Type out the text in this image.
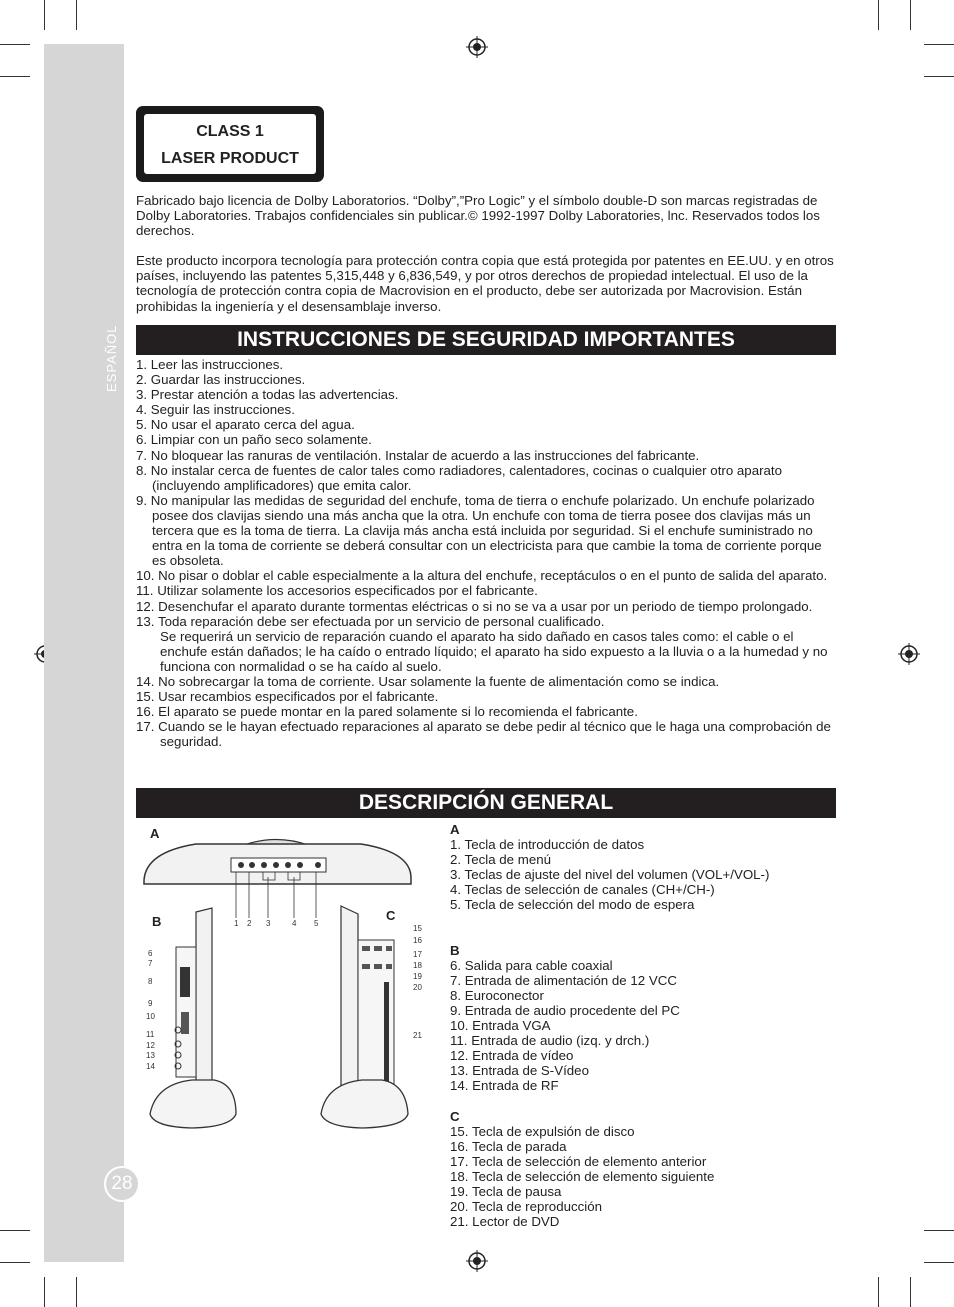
ESPAÑOL
28
CLASS 1
LASER PRODUCT

Fabricado bajo licencia de Dolby Laboratorios. “Dolby”,”Pro Logic” y el símbolo double-D son marcas registradas de Dolby Laboratories. Trabajos confidenciales sin publicar.© 1992-1997 Dolby Laboratories, lnc. Reservados todos los derechos.

Este producto incorpora tecnología para protección contra copia que está protegida por patentes en EE.UU. y en otros países, incluyendo las patentes 5,315,448 y 6,836,549, y por otros derechos de propiedad intelectual. El uso de la tecnología de protección contra copia de Macrovision en el producto, debe ser autorizada por Macrovision. Están prohibidas la ingeniería y el desensamblaje inverso.

INSTRUCCIONES DE SEGURIDAD IMPORTANTES
1. Leer las instrucciones.
2. Guardar las instrucciones.
3. Prestar atención a todas las advertencias.
4. Seguir las instrucciones.
5. No usar el aparato cerca del agua.
6. Limpiar con un paño seco solamente.
7. No bloquear las ranuras de ventilación. Instalar de acuerdo a las instrucciones del fabricante.
8. No instalar cerca de fuentes de calor tales como radiadores, calentadores, cocinas o cualquier otro aparato (incluyendo amplificadores) que emita calor.
9. No manipular las medidas de seguridad del enchufe, toma de tierra o enchufe polarizado. Un enchufe polarizado posee dos clavijas siendo una más ancha que la otra. Un enchufe con toma de tierra posee dos clavijas más un tercera que es la toma de tierra. La clavija más ancha está incluida por seguridad. Si el enchufe suministrado no entra en la toma de corriente se deberá consultar con un electricista para que cambie la toma de corriente porque es obsoleta.
10. No pisar o doblar el cable especialmente a la altura del enchufe, receptáculos o en el punto de salida del aparato.
11. Utilizar solamente los accesorios especificados por el fabricante.
12. Desenchufar el aparato durante tormentas eléctricas o si no se va a usar por un periodo de tiempo prolongado.
13. Toda reparación debe ser efectuada por un servicio de personal cualificado.
Se requerirá un servicio de reparación cuando el aparato ha sido dañado en casos tales como: el cable o el enchufe están dañados; le ha caído o entrado líquido; el aparato ha sido expuesto a la lluvia o a la humedad y no funciona con normalidad o se ha caído al suelo.
14. No sobrecargar la toma de corriente. Usar solamente la fuente de alimentación como se indica.
15. Usar recambios especificados por el fabricante.
16. El aparato se puede montar en la pared solamente si lo recomienda el fabricante.
17. Cuando se le hayan efectuado reparaciones al aparato se debe pedir al técnico que le haga una comprobación de seguridad.
DESCRIPCIÓN GENERAL
A
B	C
1 2 3	4 5
6
7
8
9
10
11
12
13
14
15
16
17
18
19
20
21
A
1. Tecla de introducción de datos
2. Tecla de menú
3. Teclas de ajuste del nivel del volumen (VOL+/VOL-)
4. Teclas de selección de canales (CH+/CH-)
5. Tecla de selección del modo de espera
B
6. Salida para cable coaxial
7. Entrada de alimentación de 12 VCC
8. Euroconector
9. Entrada de audio procedente del PC
10. Entrada VGA
11. Entrada de audio (izq. y drch.)
12. Entrada de vídeo
13. Entrada de S-Vídeo
14. Entrada de RF
C
15. Tecla de expulsión de disco
16. Tecla de parada
17. Tecla de selección de elemento anterior
18. Tecla de selección de elemento siguiente
19. Tecla de pausa
20. Tecla de reproducción
21. Lector de DVD
